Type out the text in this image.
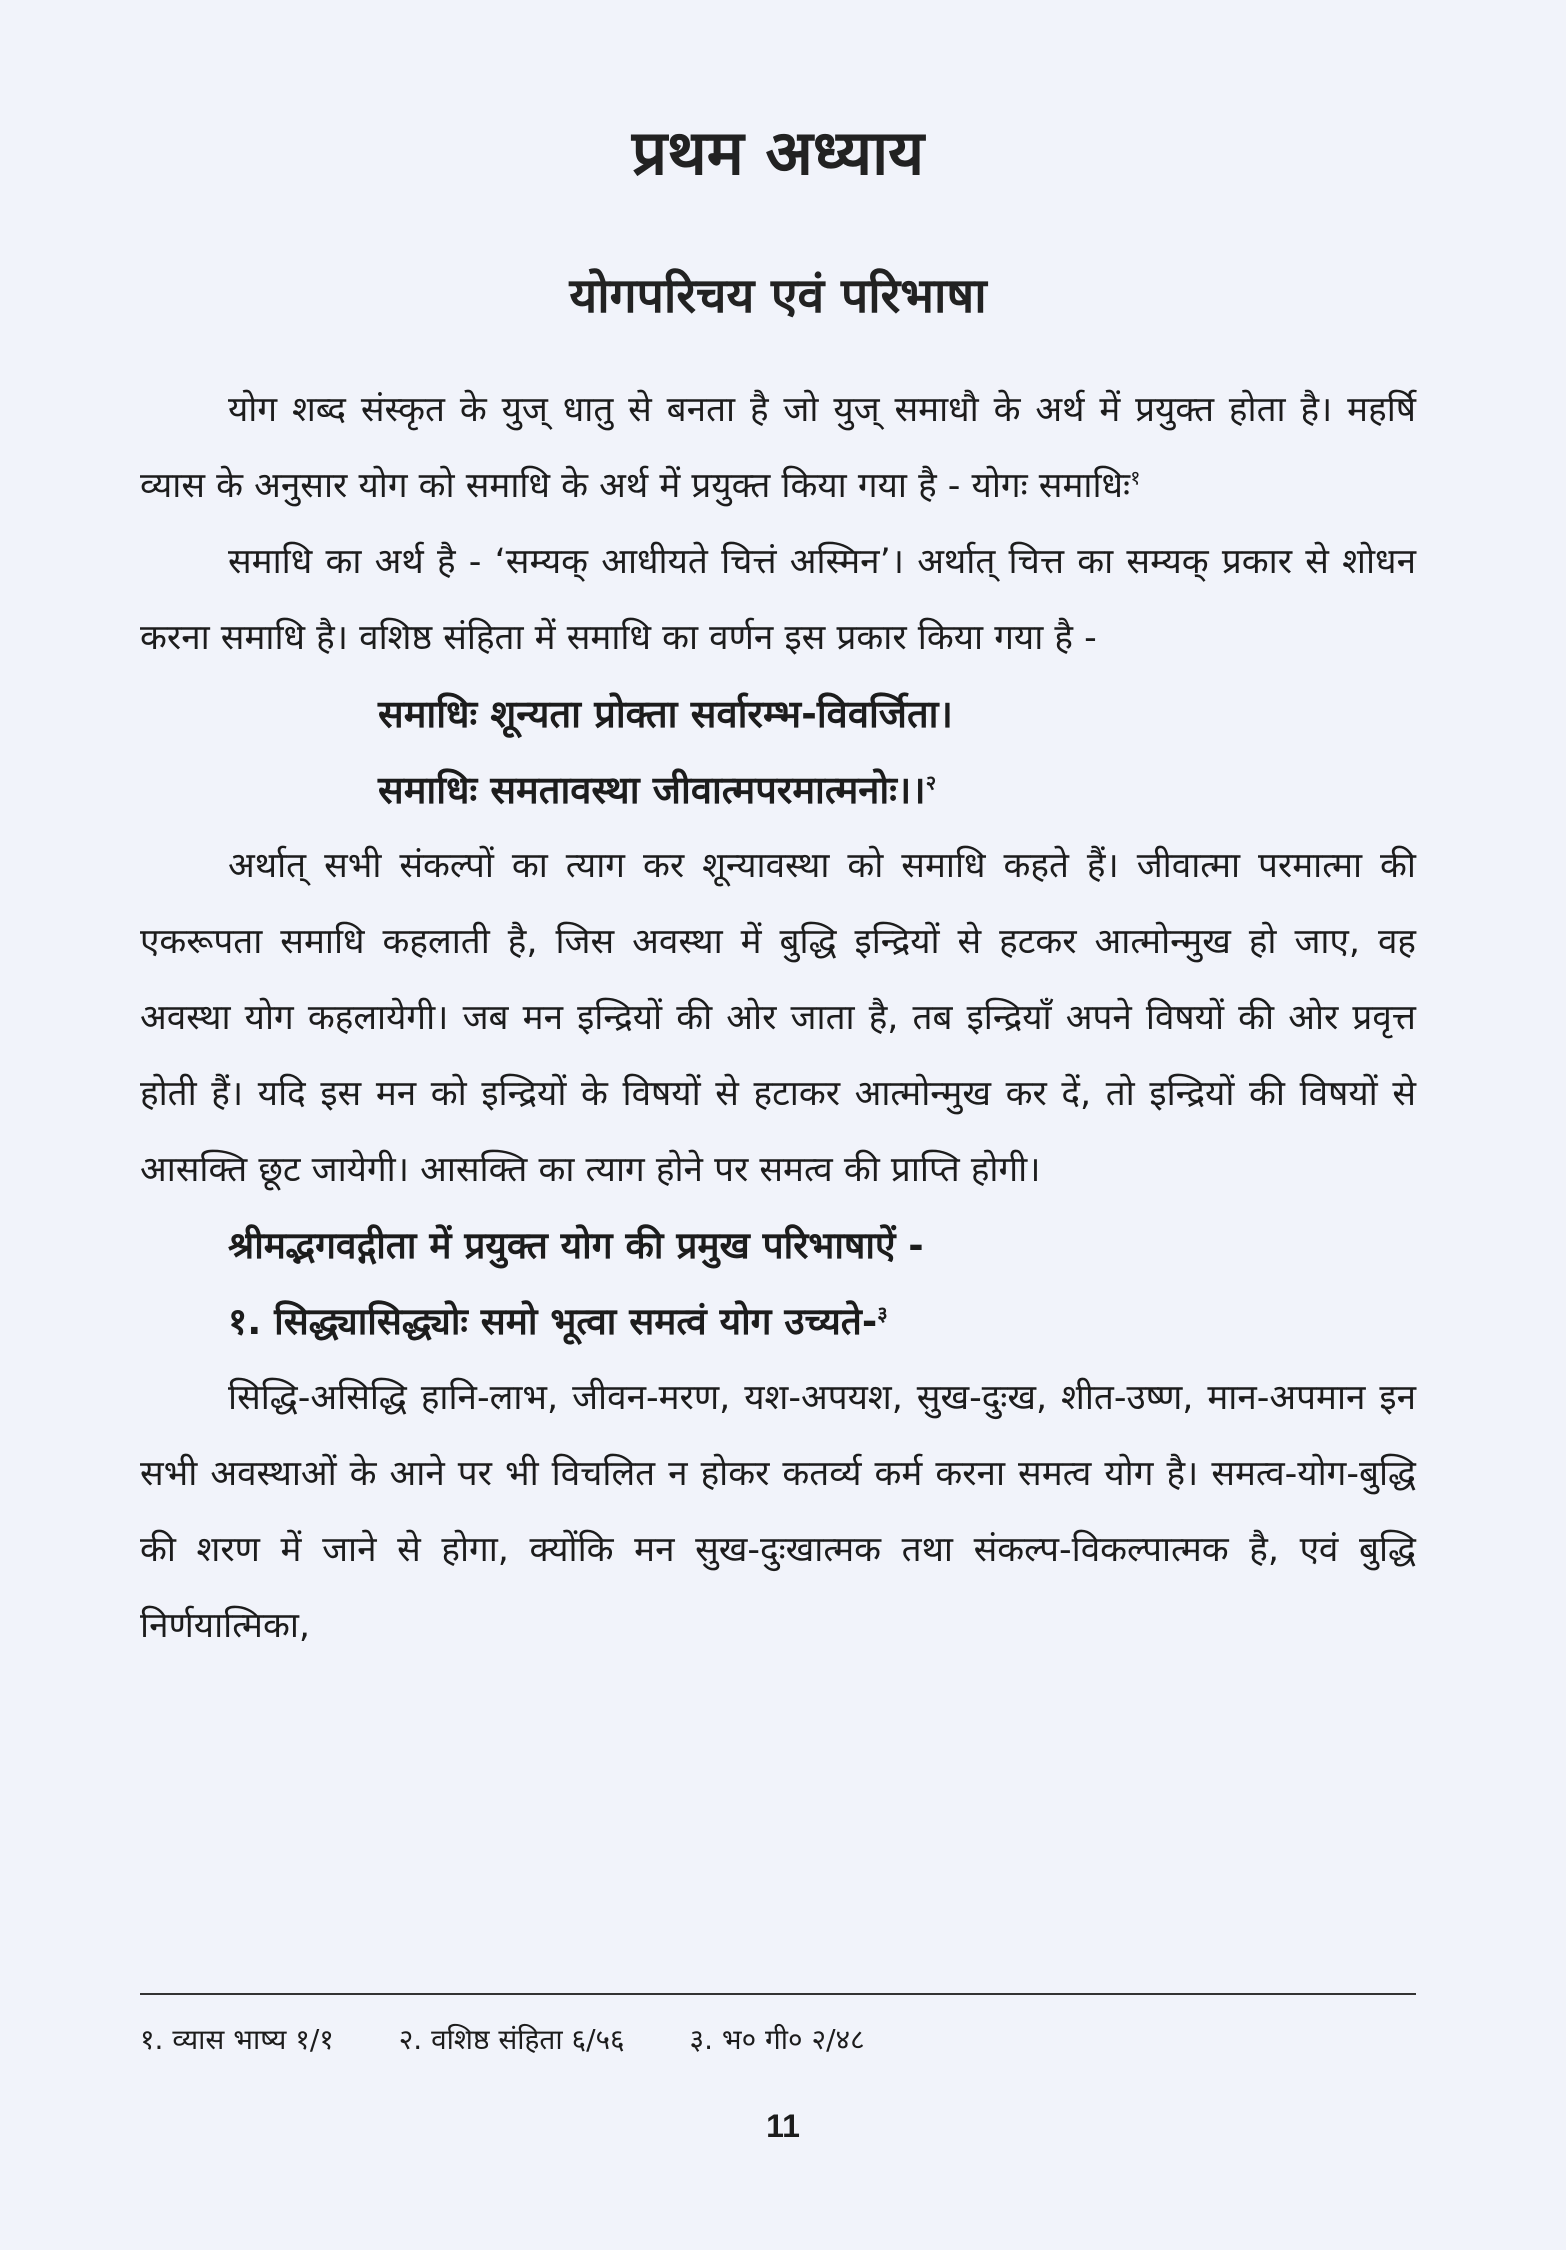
प्रथम अध्याय
योगपरिचय एवं परिभाषा

योग शब्द संस्कृत के युज् धातु से बनता है जो युज् समाधौ के अर्थ में प्रयुक्त होता है। महर्षि व्यास के अनुसार योग को समाधि के अर्थ में प्रयुक्त किया गया है - योगः समाधिः$^१$

समाधि का अर्थ है - ‘सम्यक् आधीयते चित्तं अस्मिन’। अर्थात् चित्त का सम्यक् प्रकार से शोधन करना समाधि है। वशिष्ठ संहिता में समाधि का वर्णन इस प्रकार किया गया है -

समाधिः शून्यता प्रोक्ता सर्वारम्भ-विवर्जिता।
समाधिः समतावस्था जीवात्मपरमात्मनोः।।$^२$

अर्थात् सभी संकल्पों का त्याग कर शून्यावस्था को समाधि कहते हैं। जीवात्मा परमात्मा की एकरूपता समाधि कहलाती है, जिस अवस्था में बुद्धि इन्द्रियों से हटकर आत्मोन्मुख हो जाए, वह अवस्था योग कहलायेगी। जब मन इन्द्रियों की ओर जाता है, तब इन्द्रियाँ अपने विषयों की ओर प्रवृत्त होती हैं। यदि इस मन को इन्द्रियों के विषयों से हटाकर आत्मोन्मुख कर दें, तो इन्द्रियों की विषयों से आसक्ति छूट जायेगी। आसक्ति का त्याग होने पर समत्व की प्राप्ति होगी।

श्रीमद्भगवद्गीता में प्रयुक्त योग की प्रमुख परिभाषाऐं -
१. सिद्ध्यासिद्ध्योः समो भूत्वा समत्वं योग उच्यते-$^३$

सिद्धि-असिद्धि हानि-लाभ, जीवन-मरण, यश-अपयश, सुख-दुःख, शीत-उष्ण, मान-अपमान इन सभी अवस्थाओं के आने पर भी विचलित न होकर कतर्व्य कर्म करना समत्व योग है। समत्व-योग-बुद्धि की शरण में जाने से होगा, क्योंकि मन सुख-दुःखात्मक तथा संकल्प-विकल्पात्मक है, एवं बुद्धि निर्णयात्मिका,

१. व्यास भाष्य १/१ २. वशिष्ठ संहिता ६/५६ ३. भ० गी० २/४८
11
